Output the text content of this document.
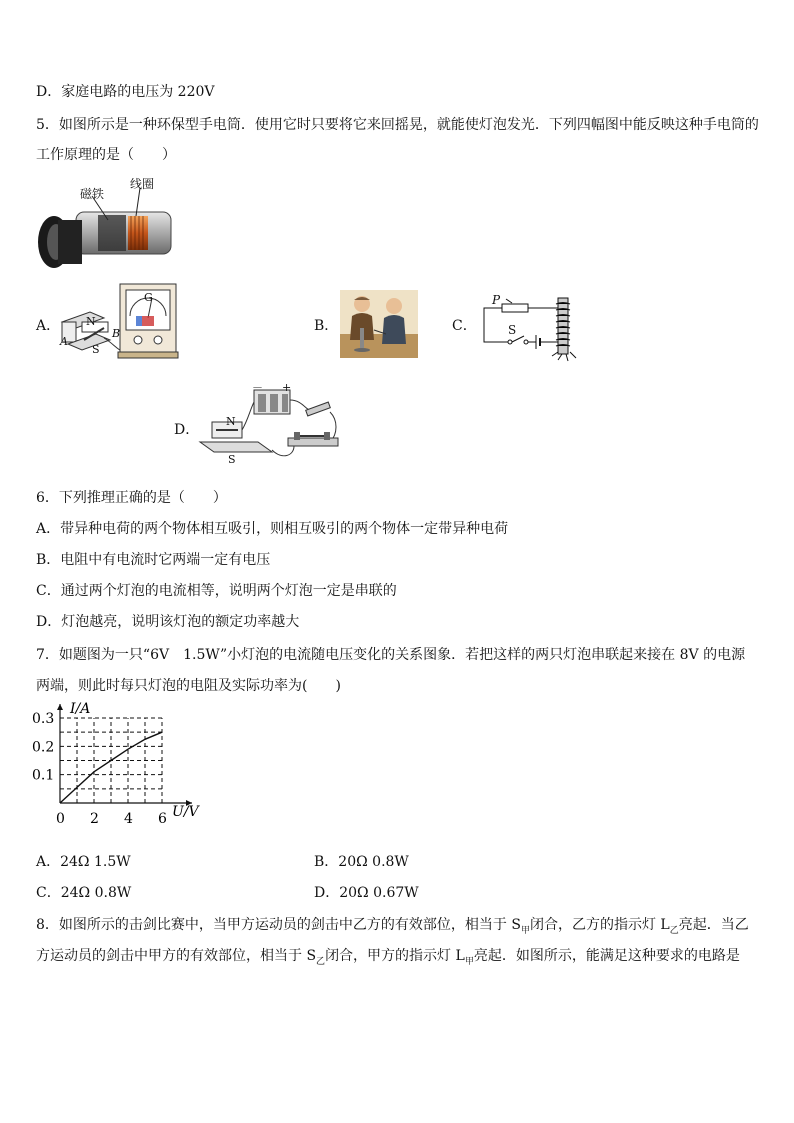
D．家庭电路的电压为 220V
5．如图所示是一种环保型手电筒．使用它时只要将它来回摇晃，就能使灯泡发光．下列四幅图中能反映这种手电筒的
工作原理的是（　　）
磁铁
线圈
A． N
S
A
B
G
B．	C．
P
S
D．
N
S
－ +
6．下列推理正确的是（　　）
A．带异种电荷的两个物体相互吸引，则相互吸引的两个物体一定带异种电荷
B．电阻中有电流时它两端一定有电压
C．通过两个灯泡的电流相等，说明两个灯泡一定是串联的
D．灯泡越亮，说明该灯泡的额定功率越大
7．如题图为一只“6V　1.5W”小灯泡的电流随电压变化的关系图象．若把这样的两只灯泡串联起来接在 8V 的电源
两端，则此时每只灯泡的电阻及实际功率为(　　)
0 2 4 6
0.1
0.2
0.3
I/A
U/V
A．24Ω 1.5W	B．20Ω 0.8W
C．24Ω 0.8W	D．20Ω 0.67W
8．如图所示的击剑比赛中，当甲方运动员的剑击中乙方的有效部位，相当于 $S_甲$闭合，乙方的指示灯 $L_乙$亮起．当乙
方运动员的剑击中甲方的有效部位，相当于 $S_乙$闭合，甲方的指示灯 $L_甲$亮起．如图所示，能满足这种要求的电路是
